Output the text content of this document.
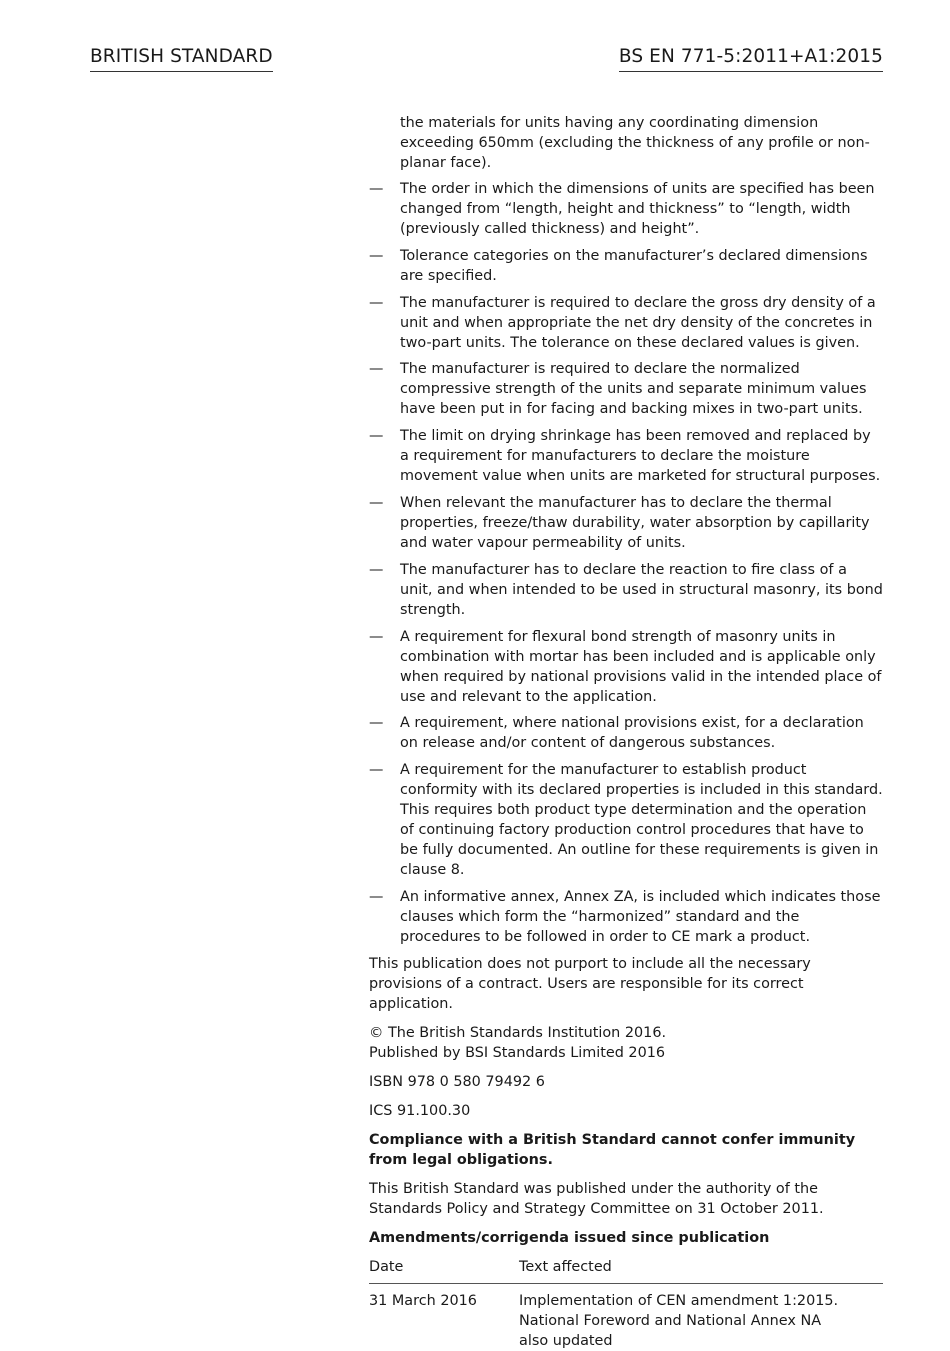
BRITISH STANDARD	BS EN 771-5:2011+A1:2015
the materials for units having any coordinating dimension exceeding 650mm (excluding the thickness of any profile or non-planar face).
— The order in which the dimensions of units are specified has been changed from “length, height and thickness” to “length, width (previously called thickness) and height”.
— Tolerance categories on the manufacturer’s declared dimensions are specified.
— The manufacturer is required to declare the gross dry density of a unit and when appropriate the net dry density of the concretes in two-part units. The tolerance on these declared values is given.
— The manufacturer is required to declare the normalized compressive strength of the units and separate minimum values have been put in for facing and backing mixes in two-part units.
— The limit on drying shrinkage has been removed and replaced by a requirement for manufacturers to declare the moisture movement value when units are marketed for structural purposes.
— When relevant the manufacturer has to declare the thermal properties, freeze/thaw durability, water absorption by capillarity and water vapour permeability of units.
— The manufacturer has to declare the reaction to fire class of a unit, and when intended to be used in structural masonry, its bond strength.
— A requirement for flexural bond strength of masonry units in combination with mortar has been included and is applicable only when required by national provisions valid in the intended place of use and relevant to the application.
— A requirement, where national provisions exist, for a declaration on release and/or content of dangerous substances.
— A requirement for the manufacturer to establish product conformity with its declared properties is included in this standard. This requires both product type determination and the operation of continuing factory production control procedures that have to be fully documented. An outline for these requirements is given in clause 8.
— An informative annex, Annex ZA, is included which indicates those clauses which form the “harmonized” standard and the procedures to be followed in order to CE mark a product.

This publication does not purport to include all the necessary provisions of a contract. Users are responsible for its correct application.

© The British Standards Institution 2016.
Published by BSI Standards Limited 2016

ISBN 978 0 580 79492 6

ICS 91.100.30

Compliance with a British Standard cannot confer immunity from legal obligations.

This British Standard was published under the authority of the Standards Policy and Strategy Committee on 31 October 2011.

Amendments/corrigenda issued since publication

Date	Text affected
31 March 2016	Implementation of CEN amendment 1:2015.
National Foreword and National Annex NA
also updated
